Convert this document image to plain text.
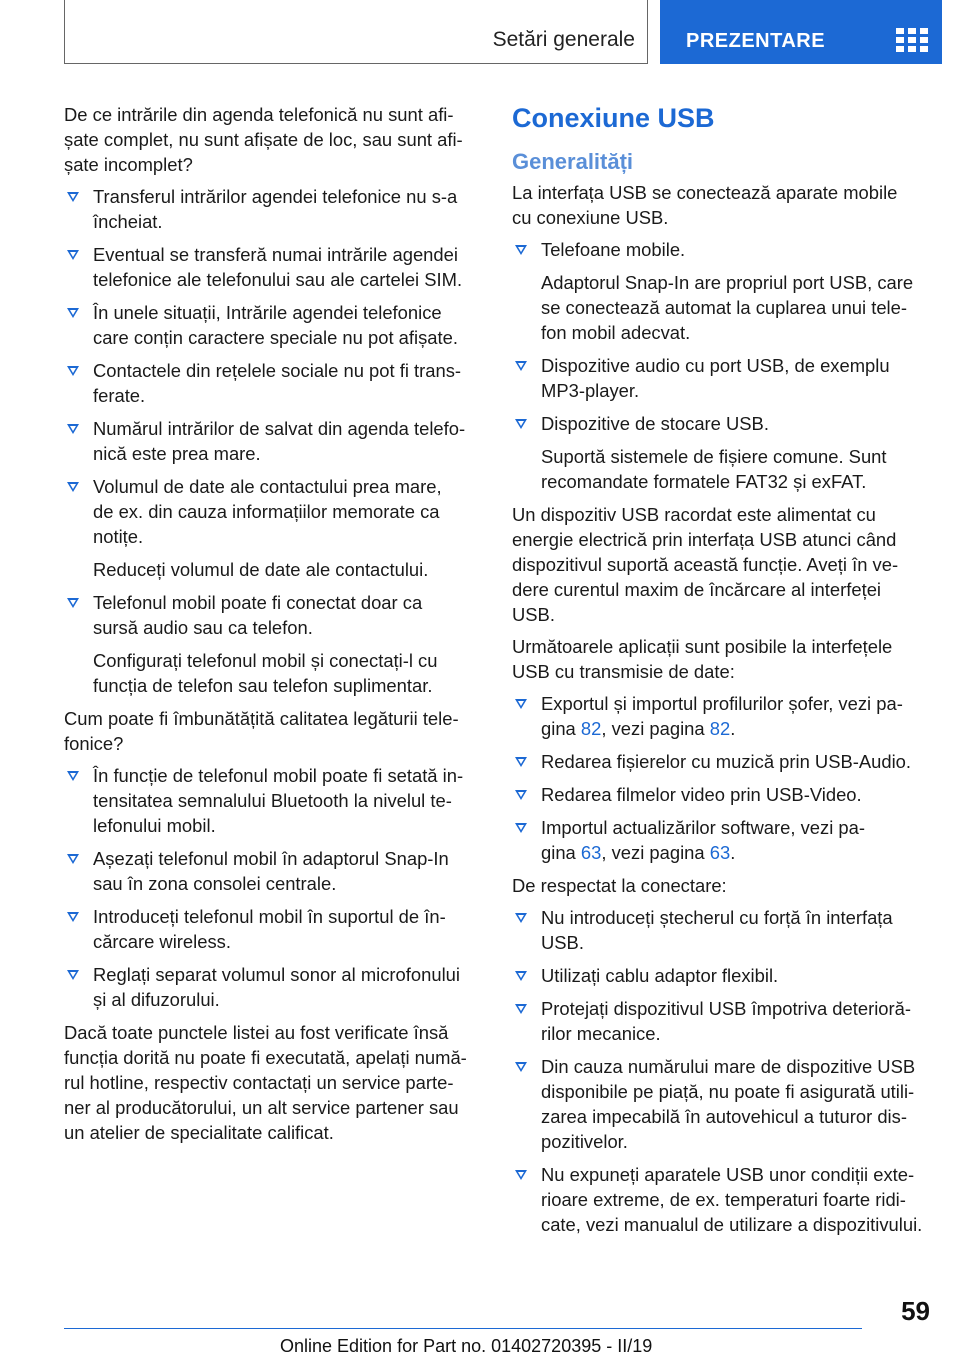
Setări generale	PREZENTARE

De ce intrările din agenda telefonică nu sunt afi-
șate complet, nu sunt afișate de loc, sau sunt afi-
șate incomplet?

Transferul intrărilor agendei telefonice nu s-a
încheiat.
Eventual se transferă numai intrările agendei
telefonice ale telefonului sau ale cartelei SIM.
În unele situații, Intrările agendei telefonice
care conțin caractere speciale nu pot afișate.
Contactele din rețelele sociale nu pot fi trans-
ferate.
Numărul intrărilor de salvat din agenda telefo-
nică este prea mare.
Volumul de date ale contactului prea mare,
de ex. din cauza informațiilor memorate ca
notițe.

Reduceți volumul de date ale contactului.

Telefonul mobil poate fi conectat doar ca
sursă audio sau ca telefon.

Configurați telefonul mobil și conectați-l cu
funcția de telefon sau telefon suplimentar.

Cum poate fi îmbunătățită calitatea legăturii tele-
fonice?

În funcție de telefonul mobil poate fi setată in-
tensitatea semnalului Bluetooth la nivelul te-
lefonului mobil.
Așezați telefonul mobil în adaptorul Snap-In
sau în zona consolei centrale.
Introduceți telefonul mobil în suportul de în-
cărcare wireless.
Reglați separat volumul sonor al microfonului
și al difuzorului.

Dacă toate punctele listei au fost verificate însă
funcția dorită nu poate fi executată, apelați numă-
rul hotline, respectiv contactați un service parte-
ner al producătorului, un alt service partener sau
un atelier de specialitate calificat.

Conexiune USB
Generalități

La interfața USB se conectează aparate mobile
cu conexiune USB.

Telefoane mobile.

Adaptorul Snap-In are propriul port USB, care
se conectează automat la cuplarea unui tele-
fon mobil adecvat.

Dispozitive audio cu port USB, de exemplu
MP3-player.
Dispozitive de stocare USB.

Suportă sistemele de fișiere comune. Sunt
recomandate formatele FAT32 și exFAT.

Un dispozitiv USB racordat este alimentat cu
energie electrică prin interfața USB atunci când
dispozitivul suportă această funcție. Aveți în ve-
dere curentul maxim de încărcare al interfeței
USB.

Următoarele aplicații sunt posibile la interfețele
USB cu transmisie de date:

Exportul și importul profilurilor șofer, vezi pa-
gina 82, vezi pagina 82.
Redarea fișierelor cu muzică prin USB-Audio.
Redarea filmelor video prin USB-Video.
Importul actualizărilor software, vezi pa-
gina 63, vezi pagina 63.

De respectat la conectare:

Nu introduceți ștecherul cu forță în interfața
USB.
Utilizați cablu adaptor flexibil.
Protejați dispozitivul USB împotriva deterioră-
rilor mecanice.
Din cauza numărului mare de dispozitive USB
disponibile pe piață, nu poate fi asigurată utili-
zarea impecabilă în autovehicul a tuturor dis-
pozitivelor.
Nu expuneți aparatele USB unor condiții exte-
rioare extreme, de ex. temperaturi foarte ridi-
cate, vezi manualul de utilizare a dispozitivului.
59
Online Edition for Part no. 01402720395 - II/19
